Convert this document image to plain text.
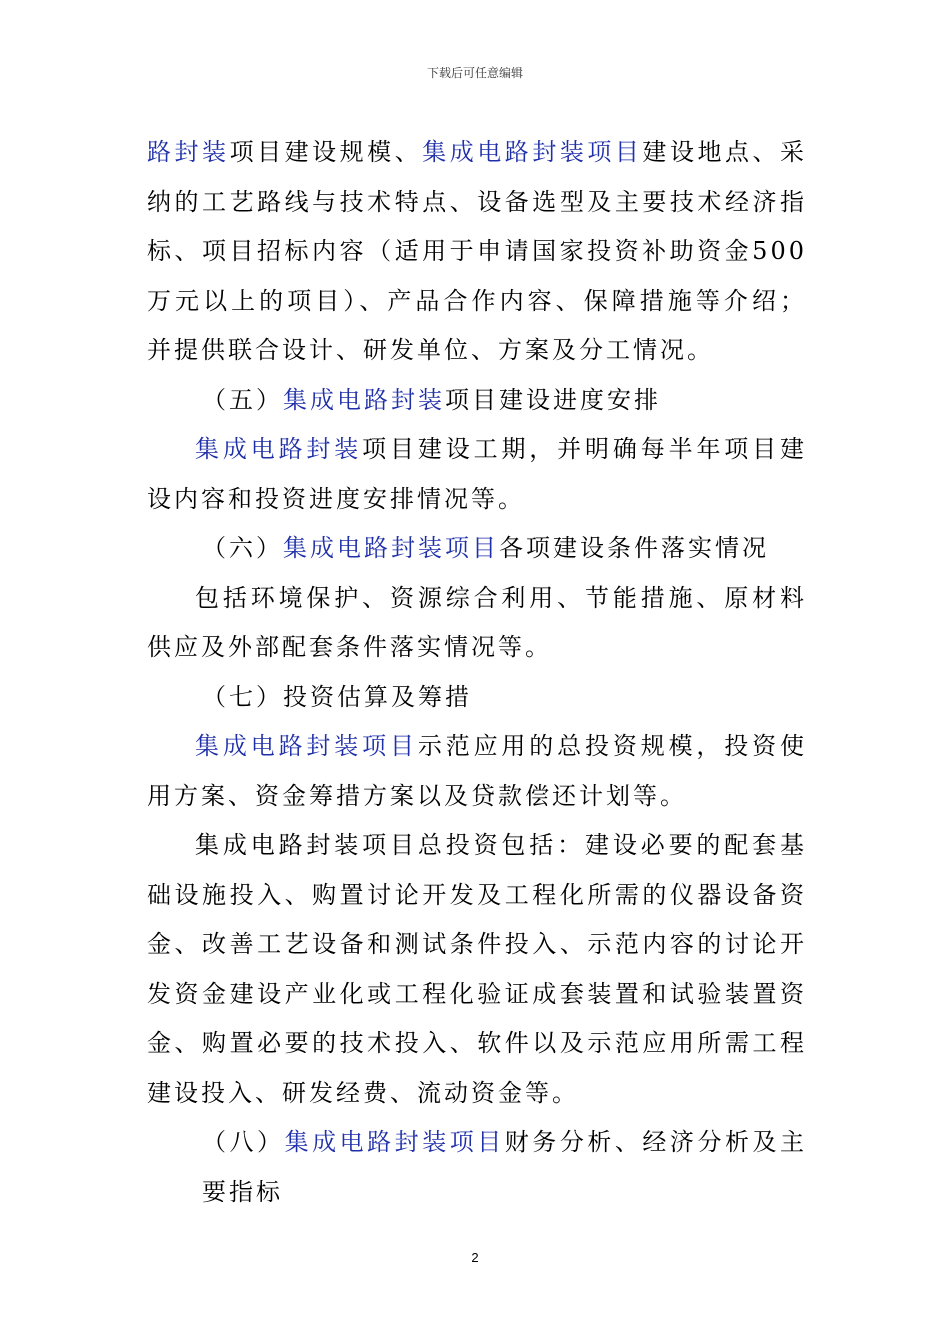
下载后可任意编辑

路封装项目建设规模、集成电路封装项目建设地点、采纳的工艺路线与技术特点、设备选型及主要技术经济指标、项目招标内容（适用于申请国家投资补助资金500万元以上的项目）、产品合作内容、保障措施等介绍；并提供联合设计、研发单位、方案及分工情况。

（五）集成电路封装项目建设进度安排

集成电路封装项目建设工期，并明确每半年项目建设内容和投资进度安排情况等。

（六）集成电路封装项目各项建设条件落实情况

包括环境保护、资源综合利用、节能措施、原材料供应及外部配套条件落实情况等。

（七）投资估算及筹措

集成电路封装项目示范应用的总投资规模，投资使用方案、资金筹措方案以及贷款偿还计划等。

集成电路封装项目总投资包括：建设必要的配套基础设施投入、购置讨论开发及工程化所需的仪器设备资金、改善工艺设备和测试条件投入、示范内容的讨论开发资金建设产业化或工程化验证成套装置和试验装置资金、购置必要的技术投入、软件以及示范应用所需工程建设投入、研发经费、流动资金等。

（八）集成电路封装项目财务分析、经济分析及主要指标

2
